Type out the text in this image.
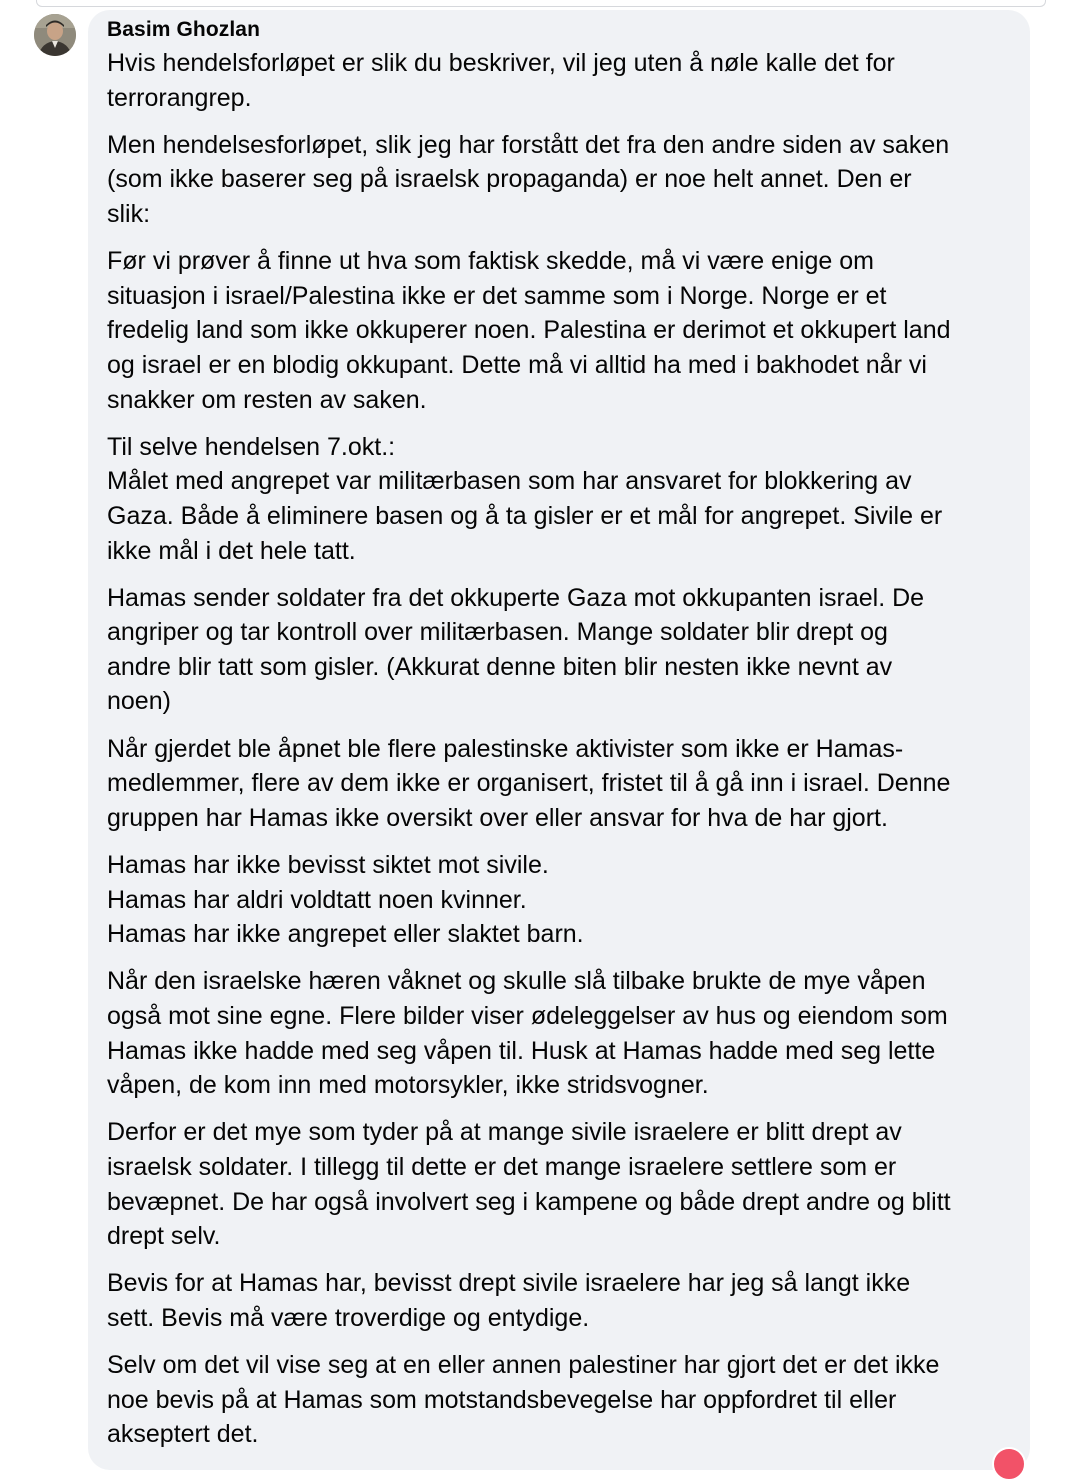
Basim Ghozlan

Hvis hendelsforløpet er slik du beskriver, vil jeg uten å nøle kalle det for
terrorangrep.

Men hendelsesforløpet, slik jeg har forstått det fra den andre siden av saken
(som ikke baserer seg på israelsk propaganda) er noe helt annet. Den er
slik:

Før vi prøver å finne ut hva som faktisk skedde, må vi være enige om
situasjon i israel/Palestina ikke er det samme som i Norge. Norge er et
fredelig land som ikke okkuperer noen. Palestina er derimot et okkupert land
og israel er en blodig okkupant. Dette må vi alltid ha med i bakhodet når vi
snakker om resten av saken.

Til selve hendelsen 7.okt.:
Målet med angrepet var militærbasen som har ansvaret for blokkering av
Gaza. Både å eliminere basen og å ta gisler er et mål for angrepet. Sivile er
ikke mål i det hele tatt.

Hamas sender soldater fra det okkuperte Gaza mot okkupanten israel. De
angriper og tar kontroll over militærbasen. Mange soldater blir drept og
andre blir tatt som gisler. (Akkurat denne biten blir nesten ikke nevnt av
noen)

Når gjerdet ble åpnet ble flere palestinske aktivister som ikke er Hamas-
medlemmer, flere av dem ikke er organisert, fristet til å gå inn i israel. Denne
gruppen har Hamas ikke oversikt over eller ansvar for hva de har gjort.

Hamas har ikke bevisst siktet mot sivile.
Hamas har aldri voldtatt noen kvinner.
Hamas har ikke angrepet eller slaktet barn.

Når den israelske hæren våknet og skulle slå tilbake brukte de mye våpen
også mot sine egne. Flere bilder viser ødeleggelser av hus og eiendom som
Hamas ikke hadde med seg våpen til. Husk at Hamas hadde med seg lette
våpen, de kom inn med motorsykler, ikke stridsvogner.

Derfor er det mye som tyder på at mange sivile israelere er blitt drept av
israelsk soldater. I tillegg til dette er det mange israelere settlere som er
bevæpnet. De har også involvert seg i kampene og både drept andre og blitt
drept selv.

Bevis for at Hamas har, bevisst drept sivile israelere har jeg så langt ikke
sett. Bevis må være troverdige og entydige.

Selv om det vil vise seg at en eller annen palestiner har gjort det er det ikke
noe bevis på at Hamas som motstandsbevegelse har oppfordret til eller
akseptert det.
